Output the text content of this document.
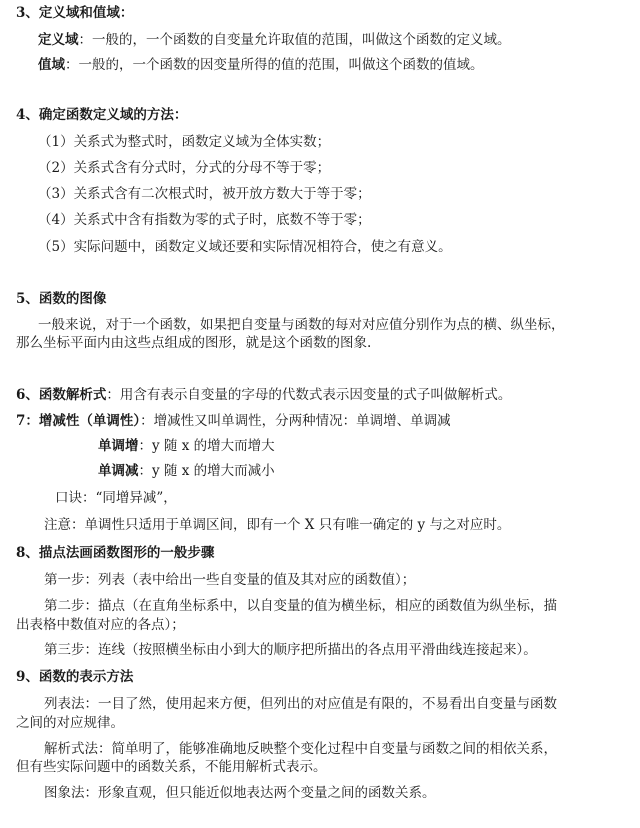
3、定义域和值域：
定义域：一般的，一个函数的自变量允许取值的范围，叫做这个函数的定义域。
值域：一般的，一个函数的因变量所得的值的范围，叫做这个函数的值域。
4、确定函数定义域的方法：
（1）关系式为整式时，函数定义域为全体实数；
（2）关系式含有分式时，分式的分母不等于零；
（3）关系式含有二次根式时，被开放方数大于等于零；
（4）关系式中含有指数为零的式子时，底数不等于零；
（5）实际问题中，函数定义域还要和实际情况相符合，使之有意义。
5、函数的图像
一般来说，对于一个函数，如果把自变量与函数的每对对应值分别作为点的横、纵坐标，
那么坐标平面内由这些点组成的图形，就是这个函数的图象.
6、函数解析式：用含有表示自变量的字母的代数式表示因变量的式子叫做解析式。
7：增减性（单调性）：增减性又叫单调性，分两种情况：单调增、单调减
单调增：y 随 x 的增大而增大
单调减：y 随 x 的增大而减小
口诀：“同增异减”，
注意：单调性只适用于单调区间，即有一个 X 只有唯一确定的 y 与之对应时。
8、描点法画函数图形的一般步骤
第一步：列表（表中给出一些自变量的值及其对应的函数值）；
第二步：描点（在直角坐标系中，以自变量的值为横坐标，相应的函数值为纵坐标，描
出表格中数值对应的各点）；
第三步：连线（按照横坐标由小到大的顺序把所描出的各点用平滑曲线连接起来）。
9、函数的表示方法
列表法：一目了然，使用起来方便，但列出的对应值是有限的，不易看出自变量与函数
之间的对应规律。
解析式法：简单明了，能够准确地反映整个变化过程中自变量与函数之间的相依关系，
但有些实际问题中的函数关系，不能用解析式表示。
图象法：形象直观，但只能近似地表达两个变量之间的函数关系。
